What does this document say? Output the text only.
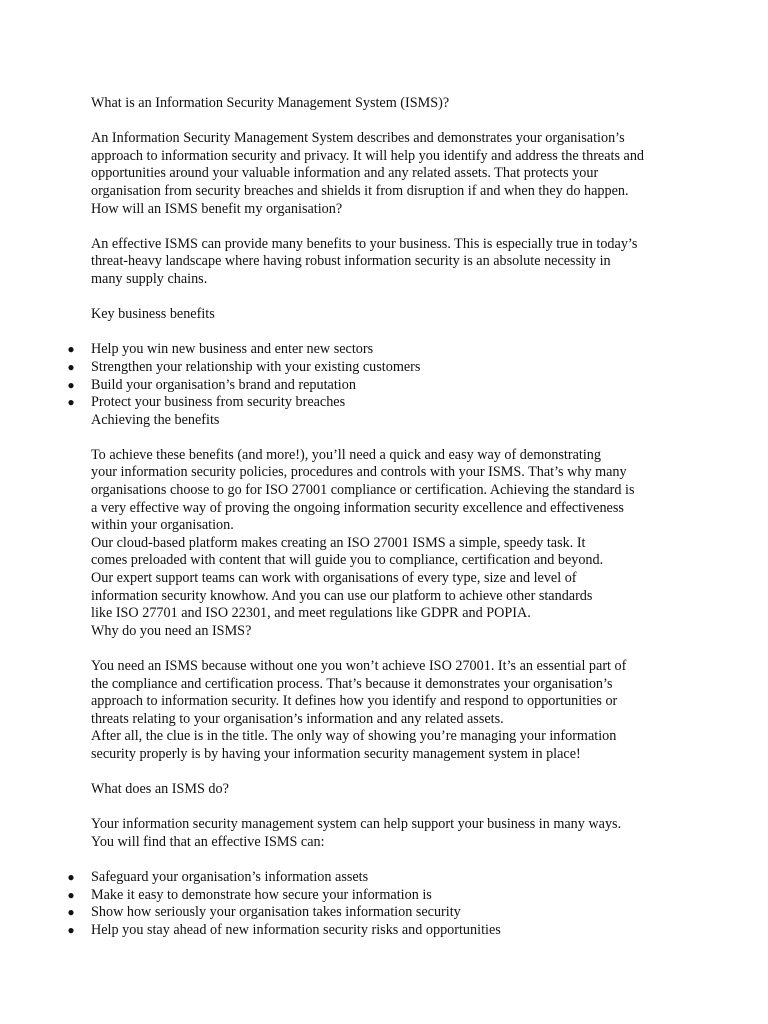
What is an Information Security Management System (ISMS)?

An Information Security Management System describes and demonstrates your organisation’s
approach to information security and privacy. It will help you identify and address the threats and
opportunities around your valuable information and any related assets. That protects your
organisation from security breaches and shields it from disruption if and when they do happen.
How will an ISMS benefit my organisation?

An effective ISMS can provide many benefits to your business. This is especially true in today’s
threat-heavy landscape where having robust information security is an absolute necessity in
many supply chains.

Key business benefits

● Help you win new business and enter new sectors
● Strengthen your relationship with your existing customers
● Build your organisation’s brand and reputation
● Protect your business from security breaches

Achieving the benefits

To achieve these benefits (and more!), you’ll need a quick and easy way of demonstrating
your information security policies, procedures and controls with your ISMS. That’s why many
organisations choose to go for ISO 27001 compliance or certification. Achieving the standard is
a very effective way of proving the ongoing information security excellence and effectiveness
within your organisation.
Our cloud-based platform makes creating an ISO 27001 ISMS a simple, speedy task. It
comes preloaded with content that will guide you to compliance, certification and beyond.
Our expert support teams can work with organisations of every type, size and level of
information security knowhow. And you can use our platform to achieve other standards
like ISO 27701 and ISO 22301, and meet regulations like GDPR and POPIA.
Why do you need an ISMS?

You need an ISMS because without one you won’t achieve ISO 27001. It’s an essential part of
the compliance and certification process. That’s because it demonstrates your organisation’s
approach to information security. It defines how you identify and respond to opportunities or
threats relating to your organisation’s information and any related assets.
After all, the clue is in the title. The only way of showing you’re managing your information
security properly is by having your information security management system in place!

What does an ISMS do?

Your information security management system can help support your business in many ways.
You will find that an effective ISMS can:

● Safeguard your organisation’s information assets
● Make it easy to demonstrate how secure your information is
● Show how seriously your organisation takes information security
● Help you stay ahead of new information security risks and opportunities
